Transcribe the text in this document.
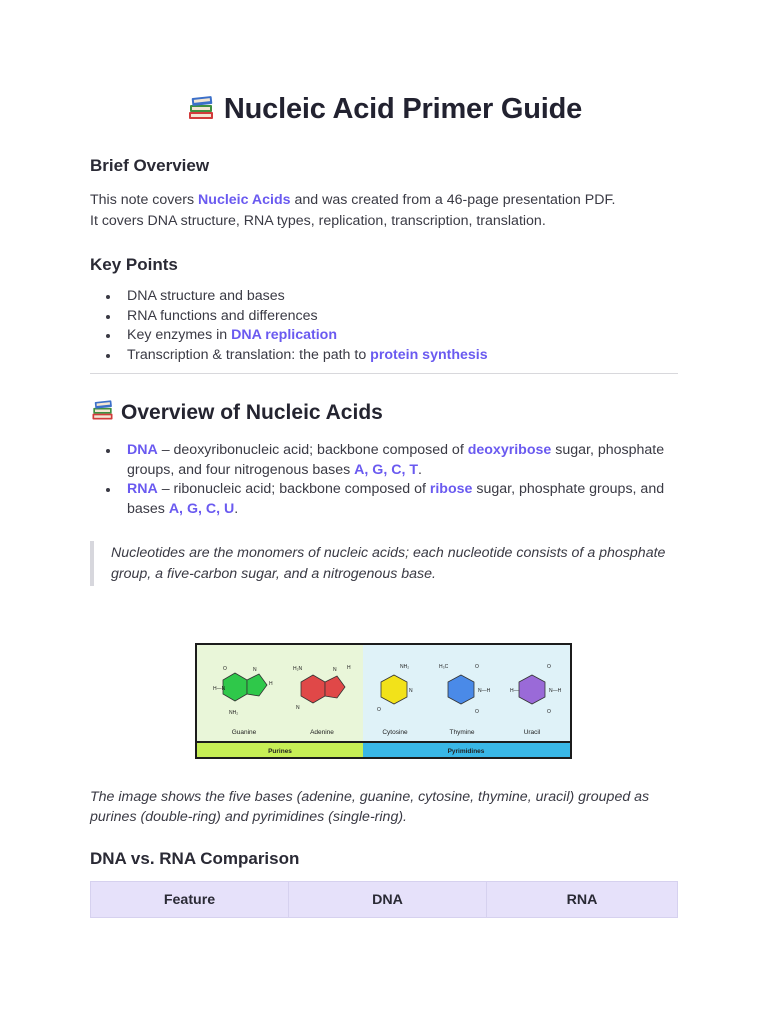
Nucleic Acid Primer Guide
Brief Overview
This note covers Nucleic Acids and was created from a 46-page presentation PDF.
It covers DNA structure, RNA types, replication, transcription, translation.
Key Points
DNA structure and bases
RNA functions and differences
Key enzymes in DNA replication
Transcription & translation: the path to protein synthesis
Overview of Nucleic Acids
DNA – deoxyribonucleic acid; backbone composed of deoxyribose sugar, phosphate groups, and four nitrogenous bases A, G, C, T.
RNA – ribonucleic acid; backbone composed of ribose sugar, phosphate groups, and bases A, G, C, U.
Nucleotides are the monomers of nucleic acids; each nucleotide consists of a phosphate group, a five-carbon sugar, and a nitrogenous base.
H—N
O	N
H
NH₂
H₂N	N H
N
NH₂
N
O
H₃C	O
N—H
O
O
N—H
H—
O
Guanine	Adenine	Cytosine	Thymine	Uracil
Purines	Pyrimidines
The image shows the five bases (adenine, guanine, cytosine, thymine, uracil) grouped as purines (double-ring) and pyrimidines (single-ring).
DNA vs. RNA Comparison
Feature	DNA	RNA
